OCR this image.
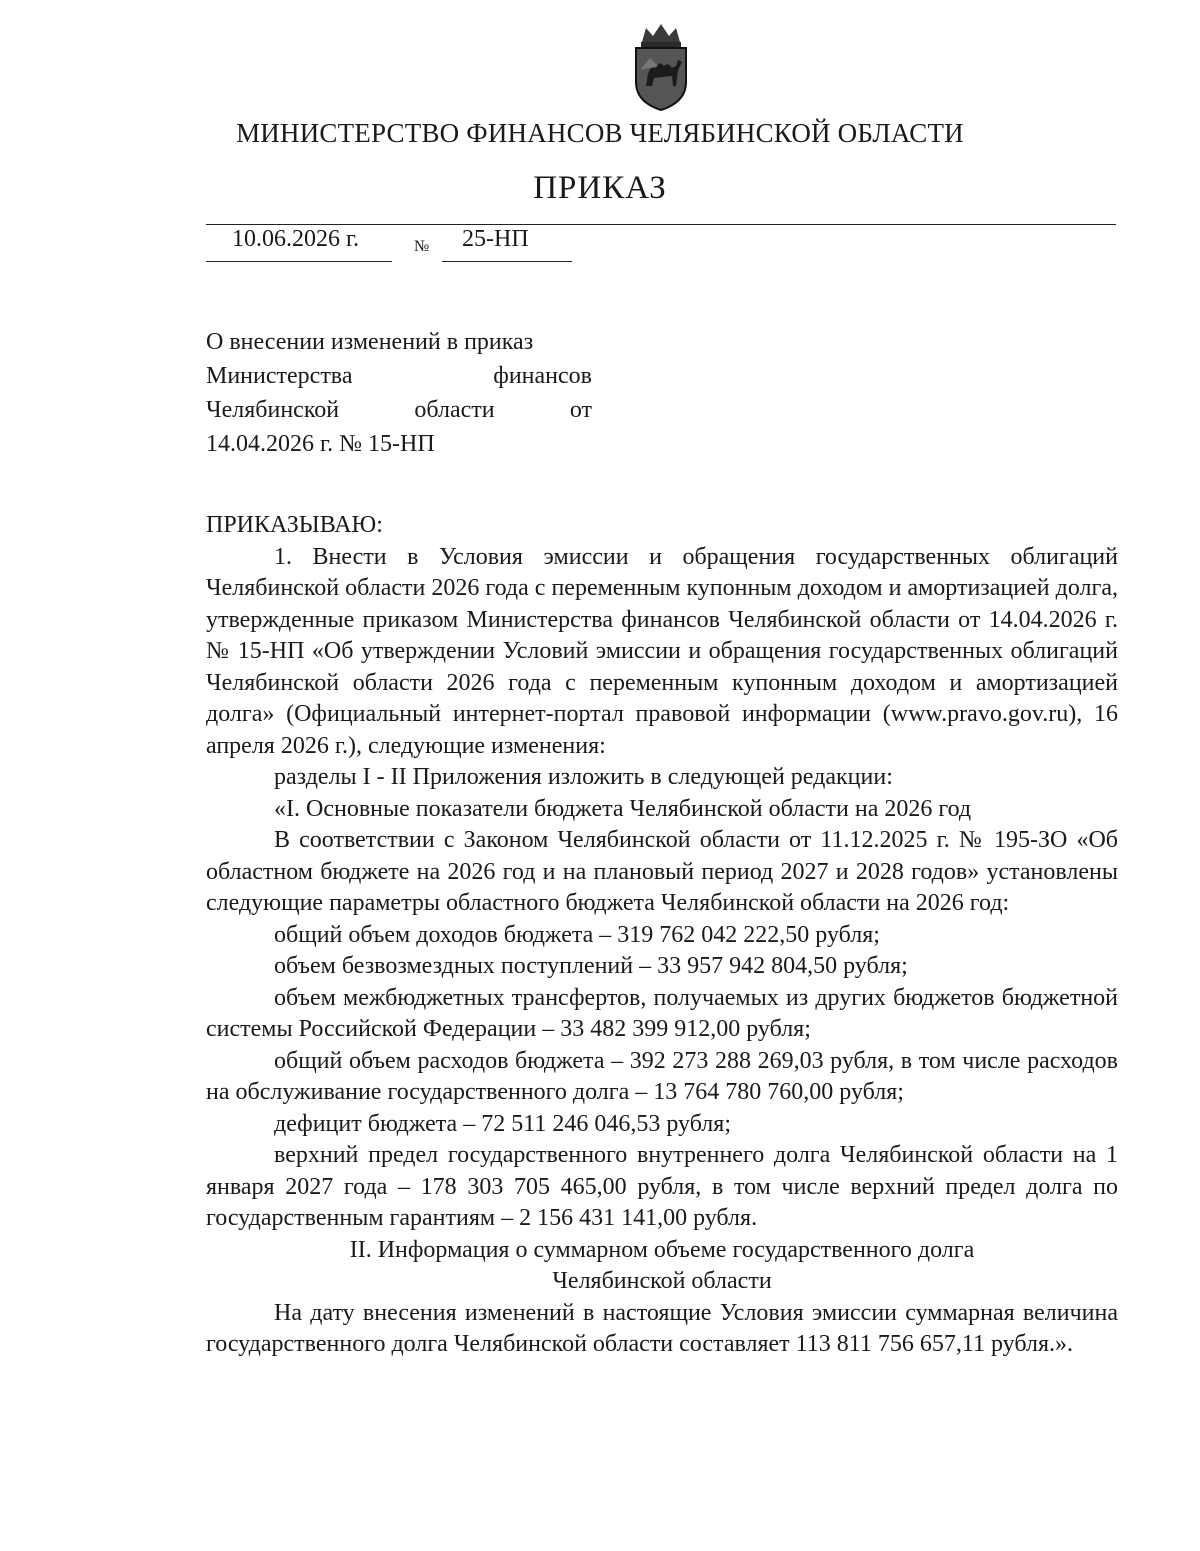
МИНИСТЕРСТВО ФИНАНСОВ ЧЕЛЯБИНСКОЙ ОБЛАСТИ
ПРИКАЗ
10.06.2026 г.	№ 25-НП
О внесении изменений в приказ
Министерства финансов
Челябинской области от
14.04.2026 г. № 15-НП

ПРИКАЗЫВАЮ:

1. Внести в Условия эмиссии и обращения государственных облигаций Челябинской области 2026 года с переменным купонным доходом и амортизацией долга, утвержденные приказом Министерства финансов Челябинской области от 14.04.2026 г. № 15-НП «Об утверждении Условий эмиссии и обращения государственных облигаций Челябинской области 2026 года с переменным купонным доходом и амортизацией долга» (Официальный интернет-портал правовой информации (www.pravo.gov.ru), 16 апреля 2026 г.), следующие изменения:

разделы I - II Приложения изложить в следующей редакции:

«I. Основные показатели бюджета Челябинской области на 2026 год

В соответствии с Законом Челябинской области от 11.12.2025 г. № 195-ЗО «Об областном бюджете на 2026 год и на плановый период 2027 и 2028 годов» установлены следующие параметры областного бюджета Челябинской области на 2026 год:

общий объем доходов бюджета – 319 762 042 222,50 рубля;

объем безвозмездных поступлений – 33 957 942 804,50 рубля;

объем межбюджетных трансфертов, получаемых из других бюджетов бюджетной системы Российской Федерации – 33 482 399 912,00 рубля;

общий объем расходов бюджета – 392 273 288 269,03 рубля, в том числе расходов на обслуживание государственного долга – 13 764 780 760,00 рубля;

дефицит бюджета – 72 511 246 046,53 рубля;

верхний предел государственного внутреннего долга Челябинской области на 1 января 2027 года – 178 303 705 465,00 рубля, в том числе верхний предел долга по государственным гарантиям – 2 156 431 141,00 рубля.

II. Информация о суммарном объеме государственного долга

Челябинской области

На дату внесения изменений в настоящие Условия эмиссии суммарная величина государственного долга Челябинской области составляет 113 811 756 657,11 рубля.».
